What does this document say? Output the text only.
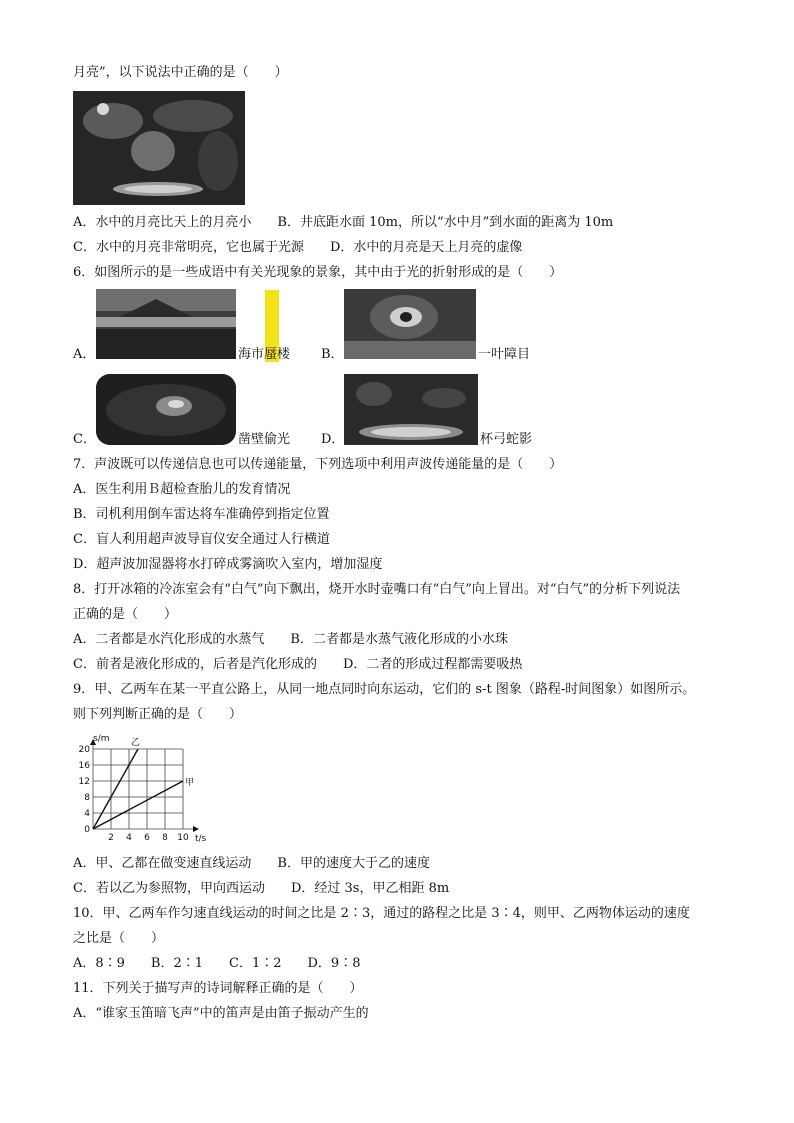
月亮”，以下说法中正确的是（　　）
A．水中的月亮比天上的月亮小　　B．井底距水面 10m，所以“水中月”到水面的距离为 10m
C．水中的月亮非常明亮，它也属于光源　　D．水中的月亮是天上月亮的虚像
6．如图所示的是一些成语中有关光现象的景象，其中由于光的折射形成的是（　　）
A．	海市蜃楼 B．	一叶障目
C．	凿壁偷光 D．	杯弓蛇影
7．声波既可以传递信息也可以传递能量，下列选项中利用声波传递能量的是（　　）
A．医生利用Ｂ超检查胎儿的发育情况
B．司机利用倒车雷达将车准确停到指定位置
C．盲人利用超声波导盲仪安全通过人行横道
D．超声波加湿器将水打碎成雾滴吹入室内，增加湿度
8．打开冰箱的冷冻室会有“白气”向下飘出，烧开水时壶嘴口有“白气”向上冒出。对“白气”的分析下列说法
正确的是（　　）
A．二者都是水汽化形成的水蒸气　　B．二者都是水蒸气液化形成的小水珠
C．前者是液化形成的，后者是汽化形成的　　D．二者的形成过程都需要吸热
9．甲、乙两车在某一平直公路上，从同一地点同时向东运动，它们的 s-t 图象（路程-时间图象）如图所示。
则下列判断正确的是（　　）
s/m
t/s
乙
甲
20
16
12
8
4
0
2 4 6 8 10
A．甲、乙都在做变速直线运动　　B．甲的速度大于乙的速度
C．若以乙为参照物，甲向西运动　　D．经过 3s，甲乙相距 8m
10．甲、乙两车作匀速直线运动的时间之比是 2∶3，通过的路程之比是 3∶4，则甲、乙两物体运动的速度
之比是（　　）
A．8∶9　　B．2∶1　　C．1∶2　　D．9∶8
11．下列关于描写声的诗词解释正确的是（　　）
A．“谁家玉笛暗飞声”中的笛声是由笛子振动产生的
